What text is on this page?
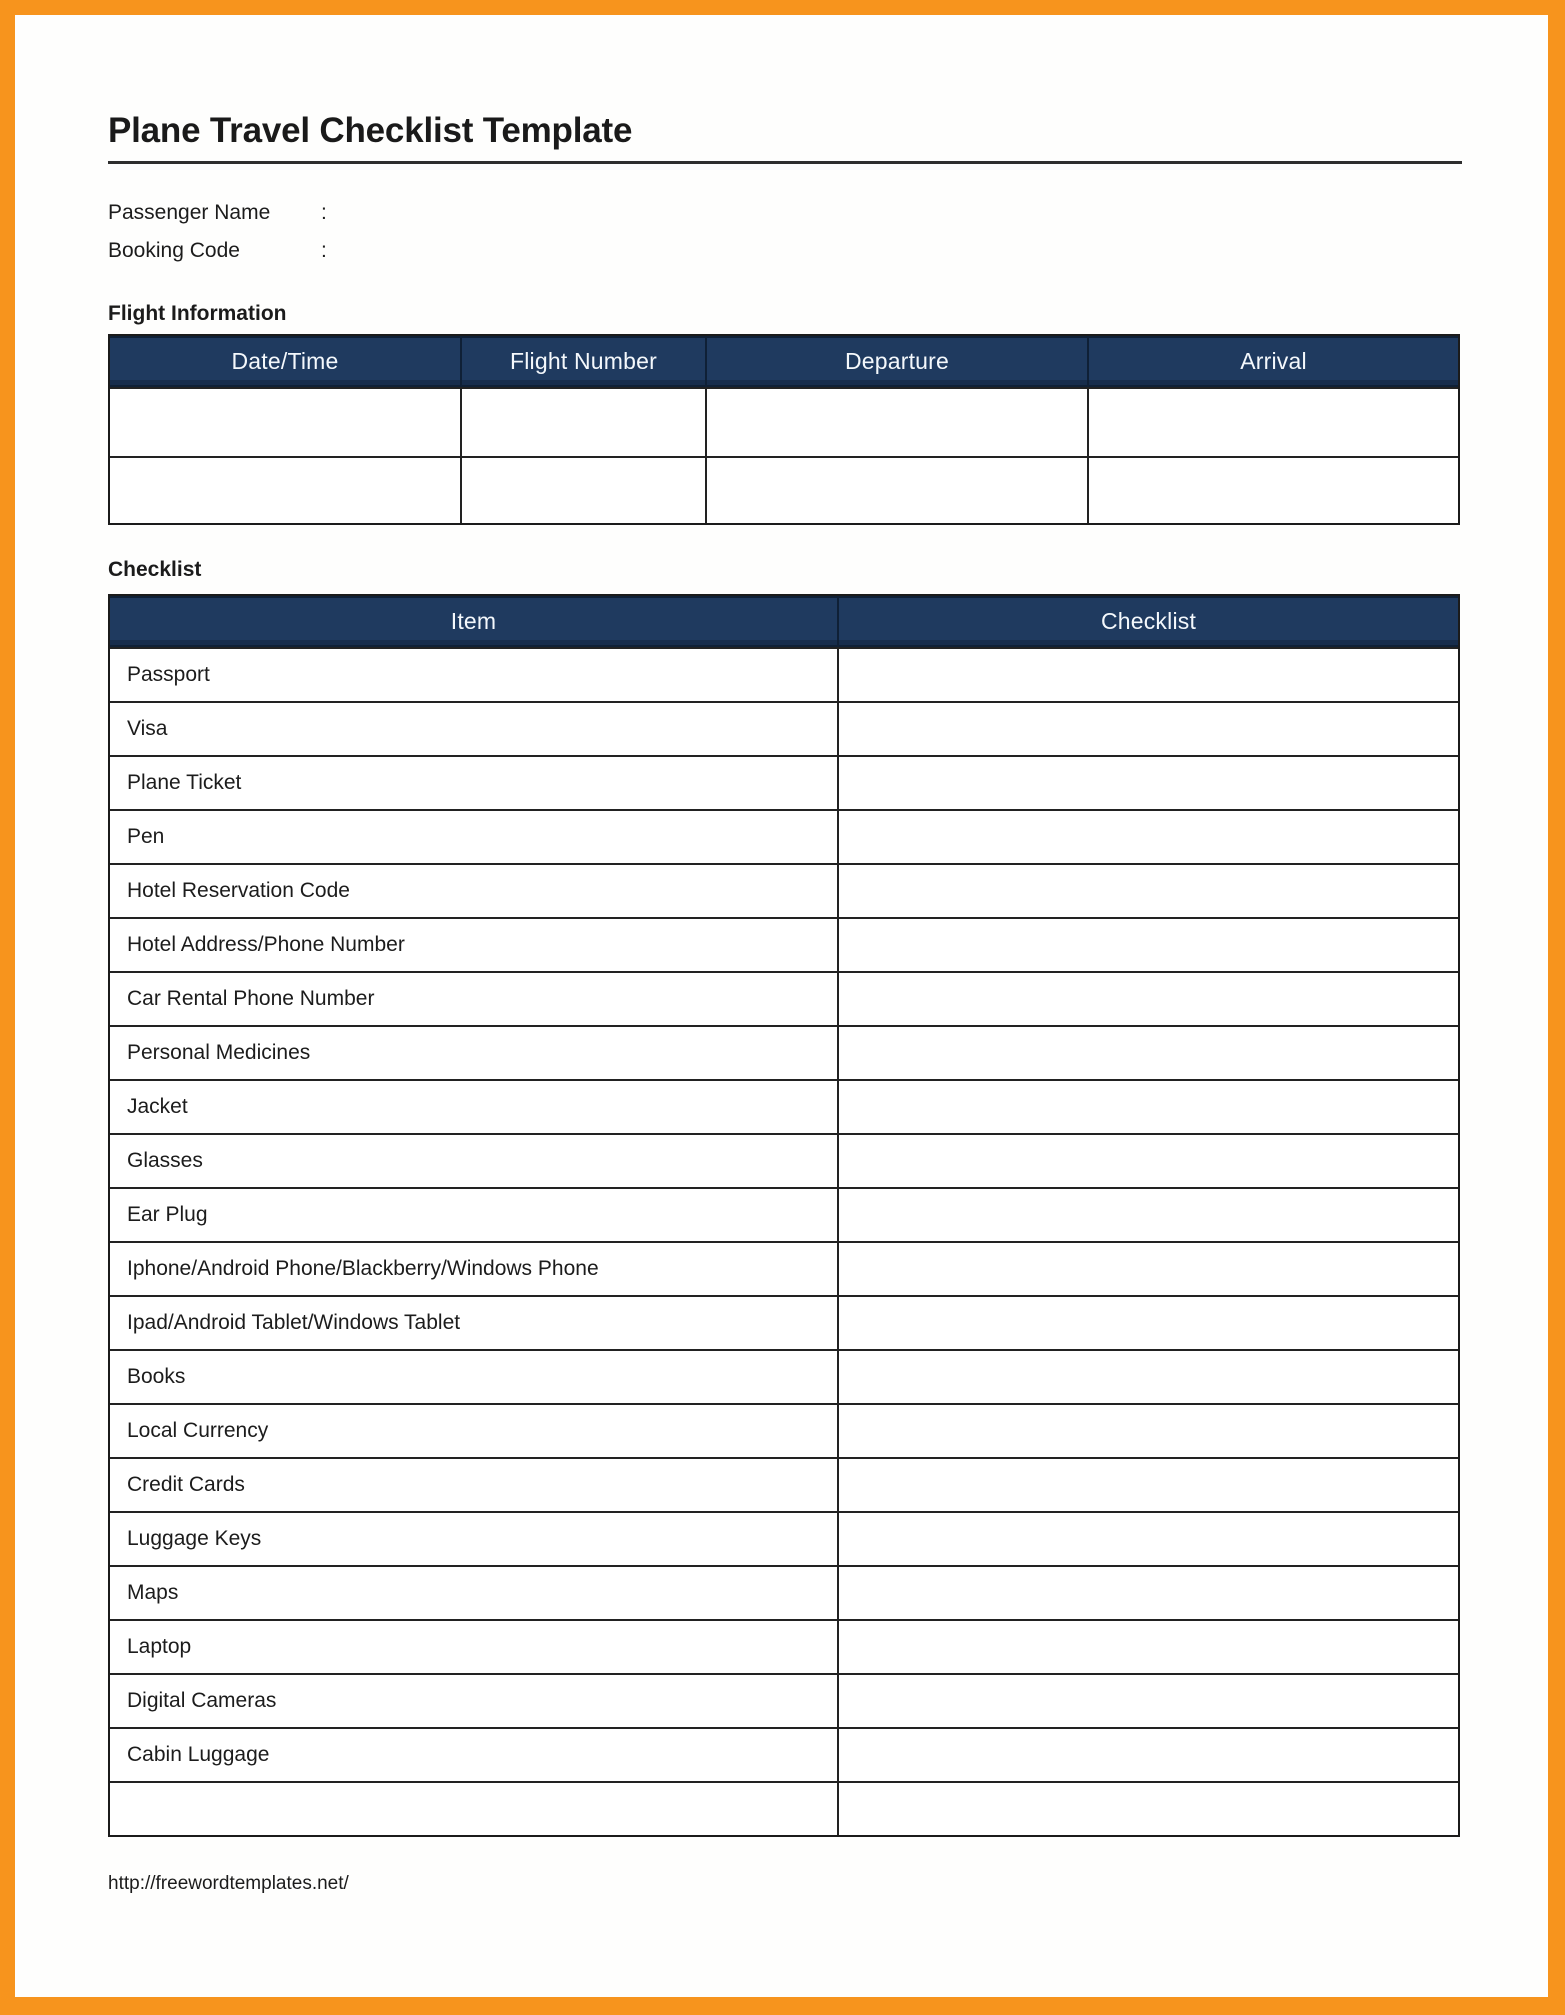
Plane Travel Checklist Template
Passenger Name :
Booking Code	:
Flight Information
Date/Time	Flight Number	Departure	Arrival
Checklist
Item	Checklist
Passport
Visa
Plane Ticket
Pen
Hotel Reservation Code
Hotel Address/Phone Number
Car Rental Phone Number
Personal Medicines
Jacket
Glasses
Ear Plug
Iphone/Android Phone/Blackberry/Windows Phone
Ipad/Android Tablet/Windows Tablet
Books
Local Currency
Credit Cards
Luggage Keys
Maps
Laptop
Digital Cameras
Cabin Luggage
http://freewordtemplates.net/
